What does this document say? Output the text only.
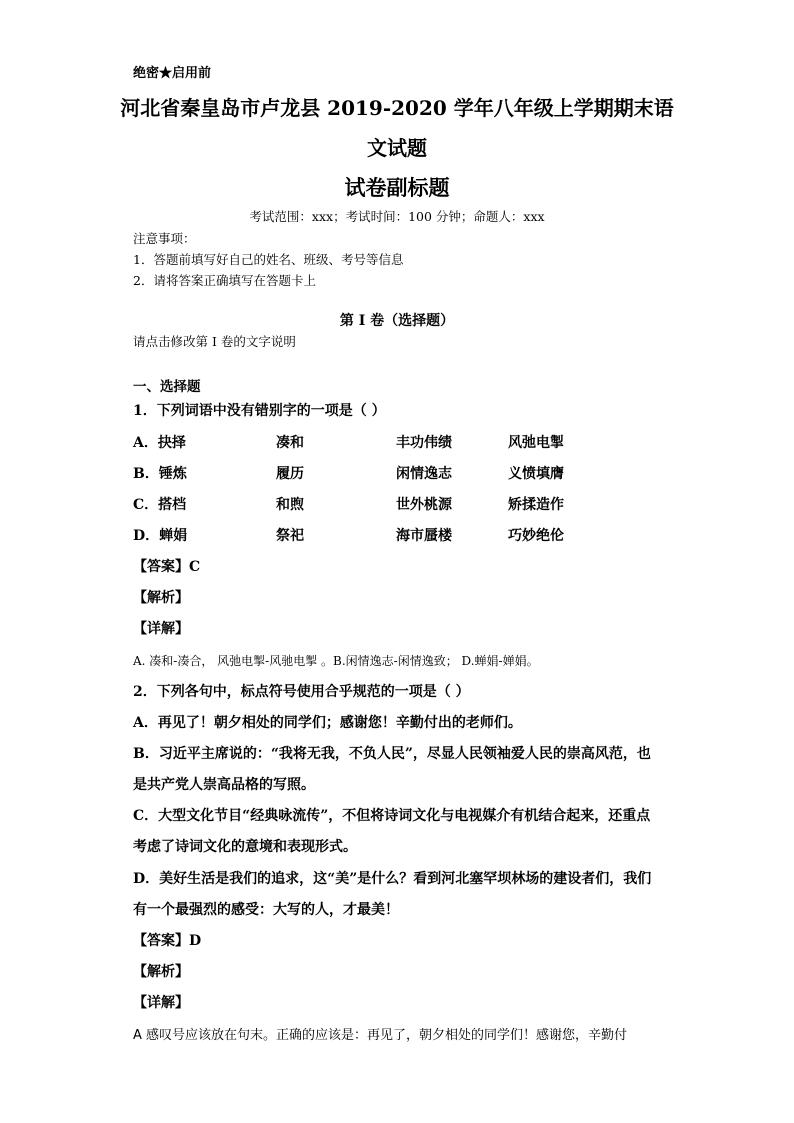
绝密★启用前
河北省秦皇岛市卢龙县 2019-2020 学年八年级上学期期末语
文试题
试卷副标题
考试范围：xxx；考试时间：100 分钟；命题人：xxx
注意事项：
1．答题前填写好自己的姓名、班级、考号等信息
2．请将答案正确填写在答题卡上
第 I 卷（选择题）
请点击修改第 I 卷的文字说明
一、选择题
1．下列词语中没有错别字的一项是（ ）
A．抉择	凑和	丰功伟绩	风弛电掣
B．锤炼	履历	闲情逸志	义愤填膺
C．搭档	和煦	世外桃源	矫揉造作
D．蝉娟	祭祀	海市蜃楼	巧妙绝伦
【答案】C
【解析】
【详解】
A. 凑和-凑合， 风弛电掣-风驰电掣 。B.闲情逸志-闲情逸致； D.蝉娟-婵娟。
2．下列各句中，标点符号使用合乎规范的一项是（ ）
A．再见了！朝夕相处的同学们；感谢您！辛勤付出的老师们。
B．习近平主席说的：“我将无我，不负人民”，尽显人民领袖爱人民的崇高风范，也
是共产党人崇高品格的写照。
C．大型文化节目“经典咏流传”，不但将诗词文化与电视媒介有机结合起来，还重点
考虑了诗词文化的意境和表现形式。
D．美好生活是我们的追求，这“美”是什么？看到河北塞罕坝林场的建设者们，我们
有一个最强烈的感受：大写的人，才最美！
【答案】D
【解析】
【详解】
A 感叹号应该放在句末。正确的应该是：再见了，朝夕相处的同学们！感谢您，辛勤付
